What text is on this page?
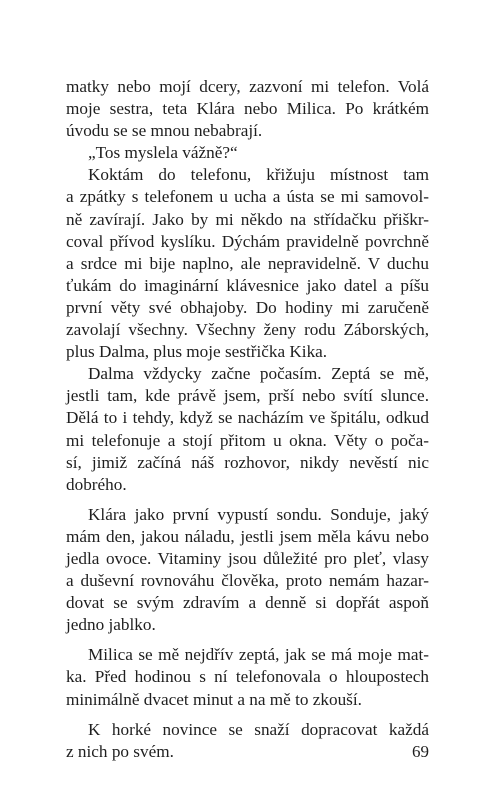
matky nebo mojí dcery, zazvoní mi telefon. Volá
moje sestra, teta Klára nebo Milica. Po krátkém
úvodu se se mnou nebabrají.
„Tos myslela vážně?“
Koktám do telefonu, křižuju místnost tam
a zpátky s telefonem u ucha a ústa se mi samovol-
ně zavírají. Jako by mi někdo na střídačku přiškr-
coval přívod kyslíku. Dýchám pravidelně povrchně
a srdce mi bije naplno, ale nepravidelně. V duchu
ťukám do imaginární klávesnice jako datel a píšu
první věty své obhajoby. Do hodiny mi zaručeně
zavolají všechny. Všechny ženy rodu Záborských,
plus Dalma, plus moje sestřička Kika.
Dalma vždycky začne počasím. Zeptá se mě,
jestli tam, kde právě jsem, prší nebo svítí slunce.
Dělá to i tehdy, když se nacházím ve špitálu, odkud
mi telefonuje a stojí přitom u okna. Věty o poča-
sí, jimiž začíná náš rozhovor, nikdy nevěstí nic
dobrého.
Klára jako první vypustí sondu. Sonduje, jaký
mám den, jakou náladu, jestli jsem měla kávu nebo
jedla ovoce. Vitaminy jsou důležité pro pleť, vlasy
a duševní rovnováhu člověka, proto nemám hazar-
dovat se svým zdravím a denně si dopřát aspoň
jedno jablko.
Milica se mě nejdřív zeptá, jak se má moje mat-
ka. Před hodinou s ní telefonovala o hloupostech
minimálně dvacet minut a na mě to zkouší.
K horké novince se snaží dopracovat každá
z nich po svém.	69
